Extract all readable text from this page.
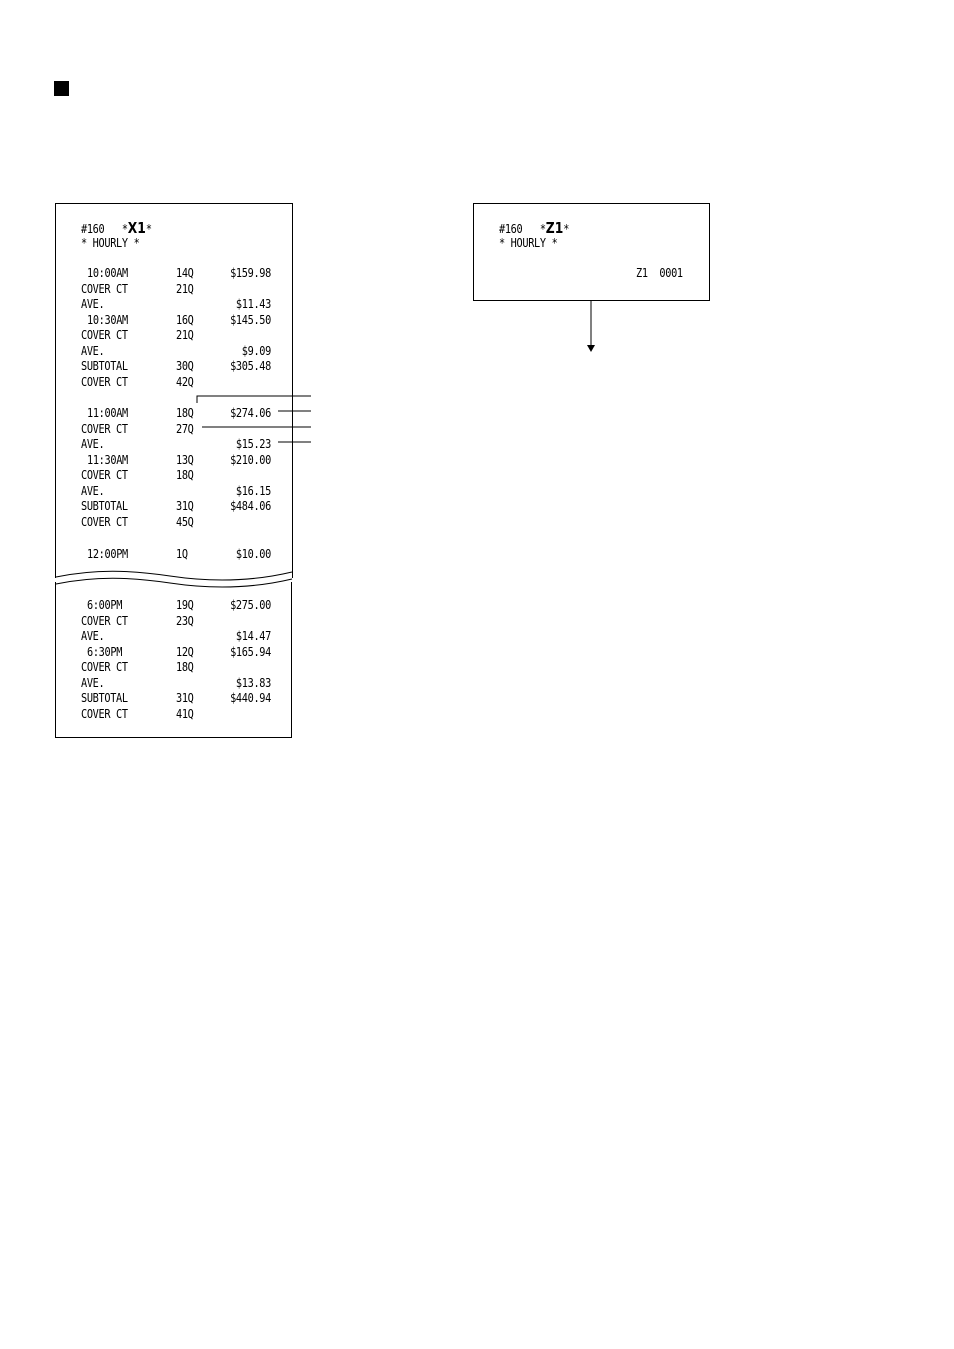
#160 *X1*
* HOURLY *
10:00AM	14Q	$159.98
COVER CT	21Q
AVE.	$11.43
10:30AM	16Q	$145.50
COVER CT	21Q
AVE.	$9.09
SUBTOTAL	30Q	$305.48
COVER CT	42Q
11:00AM	18Q	$274.06
COVER CT	27Q
AVE.	$15.23
11:30AM	13Q	$210.00
COVER CT	18Q
AVE.	$16.15
SUBTOTAL	31Q	$484.06
COVER CT	45Q
12:00PM	1Q	$10.00
6:00PM	19Q	$275.00
COVER CT	23Q
AVE.	$14.47
6:30PM	12Q	$165.94
COVER CT	18Q
AVE.	$13.83
SUBTOTAL	31Q	$440.94
COVER CT	41Q
#160 *Z1*
* HOURLY *
Z1 0001
